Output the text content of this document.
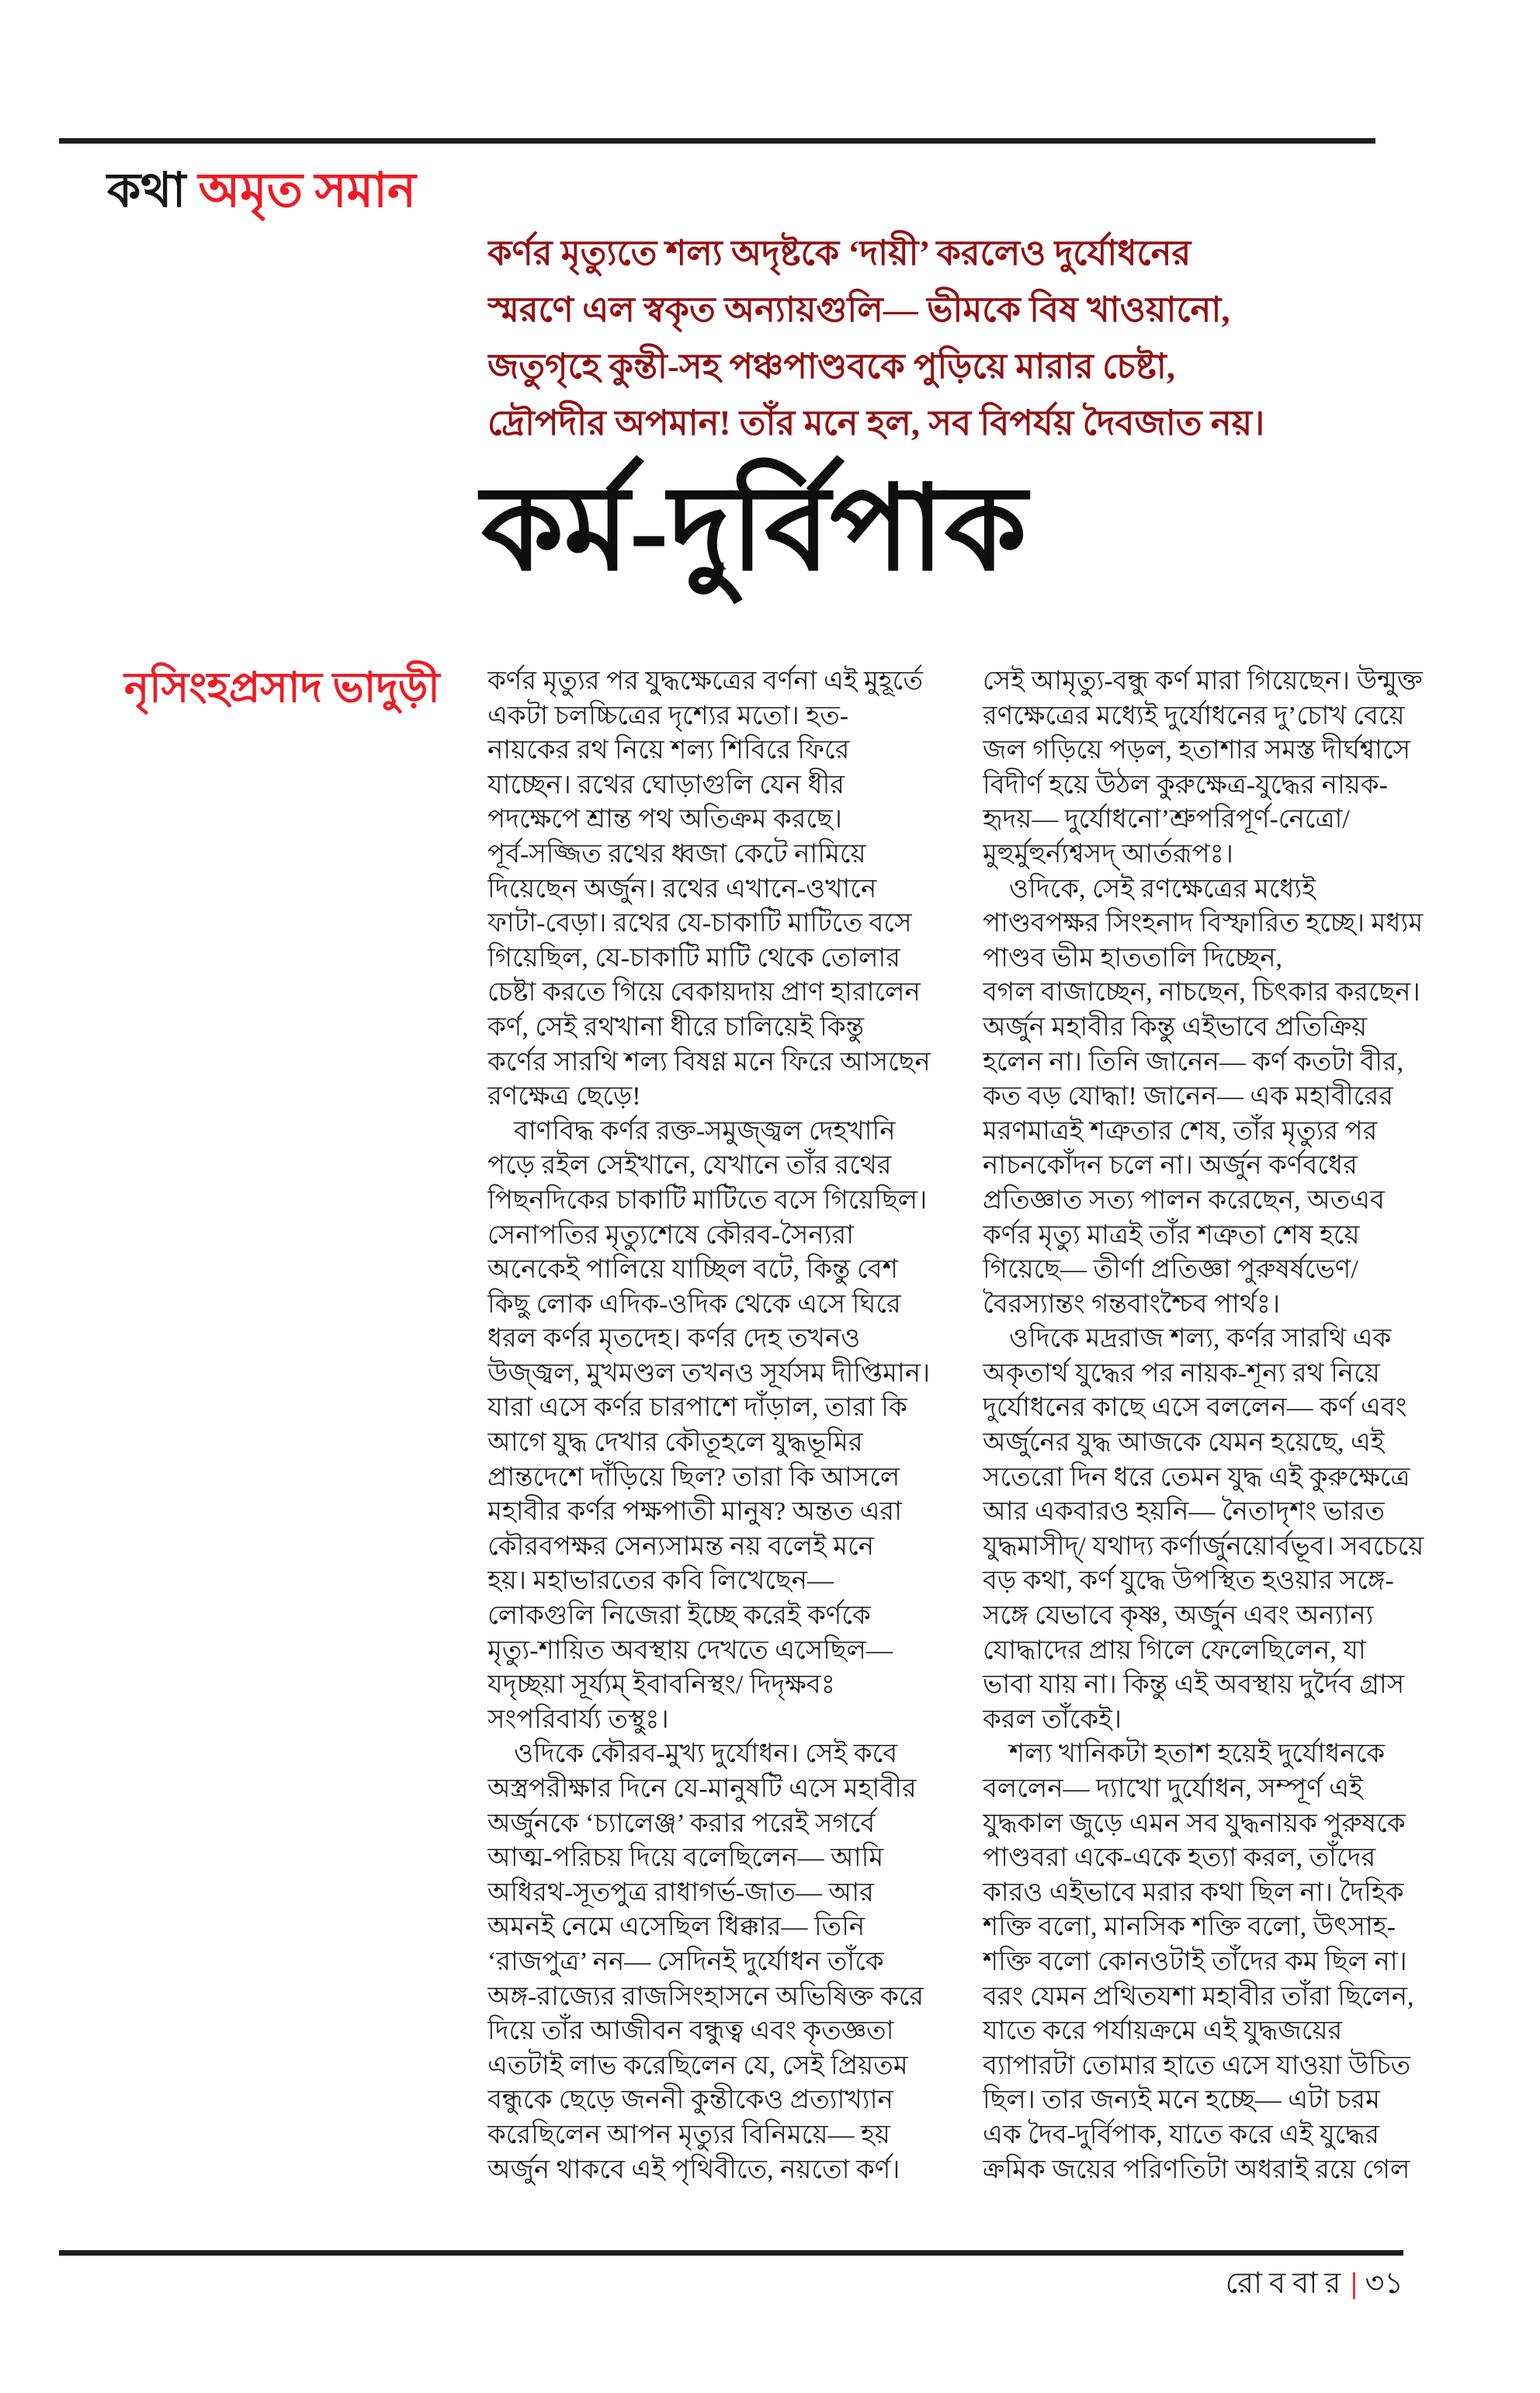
কথা অমৃত সমান
কর্ণর মৃত্যুতে শল্য অদৃষ্টকে ‘দায়ী’ করলেও দুর্যোধনের
স্মরণে এল স্বকৃত অন্যায়গুলি— ভীমকে বিষ খাওয়ানো,
জতুগৃহে কুন্তী-সহ পঞ্চপাণ্ডবকে পুড়িয়ে মারার চেষ্টা,
দ্রৌপদীর অপমান! তাঁর মনে হল, সব বিপর্যয় দৈবজাত নয়।
কর্ম-দুর্বিপাক
নৃসিংহপ্রসাদ ভাদুড়ী কর্ণর মৃত্যুর পর যুদ্ধক্ষেত্রের বর্ণনা এই মুহূর্তে
একটা চলচ্চিত্রের দৃশ্যের মতো। হত-
নায়কের রথ নিয়ে শল্য শিবিরে ফিরে
যাচ্ছেন। রথের ঘোড়াগুলি যেন ধীর
পদক্ষেপে শ্রান্ত পথ অতিক্রম করছে।
পূর্ব-সজ্জিত রথের ধ্বজা কেটে নামিয়ে
দিয়েছেন অর্জুন। রথের এখানে-ওখানে
ফাটা-বেড়া। রথের যে-চাকাটি মাটিতে বসে
গিয়েছিল, যে-চাকাটি মাটি থেকে তোলার
চেষ্টা করতে গিয়ে বেকায়দায় প্রাণ হারালেন
কর্ণ, সেই রথখানা ধীরে চালিয়েই কিন্তু
কর্ণের সারথি শল্য বিষণ্ণ মনে ফিরে আসছেন
রণক্ষেত্র ছেড়ে!
 বাণবিদ্ধ কর্ণর রক্ত-সমুজ্জ্বল দেহখানি
পড়ে রইল সেইখানে, যেখানে তাঁর রথের
পিছনদিকের চাকাটি মাটিতে বসে গিয়েছিল।
সেনাপতির মৃত্যুশেষে কৌরব-সৈন্যরা
অনেকেই পালিয়ে যাচ্ছিল বটে, কিন্তু বেশ
কিছু লোক এদিক-ওদিক থেকে এসে ঘিরে
ধরল কর্ণর মৃতদেহ। কর্ণর দেহ তখনও
উজ্জ্বল, মুখমণ্ডল তখনও সূর্যসম দীপ্তিমান।
যারা এসে কর্ণর চারপাশে দাঁড়াল, তারা কি
আগে যুদ্ধ দেখার কৌতূহলে যুদ্ধভূমির
প্রান্তদেশে দাঁড়িয়ে ছিল? তারা কি আসলে
মহাবীর কর্ণর পক্ষপাতী মানুষ? অন্তত এরা
কৌরবপক্ষর সেন্যসামন্ত নয় বলেই মনে
হয়। মহাভারতের কবি লিখেছেন—
লোকগুলি নিজেরা ইচ্ছে করেই কর্ণকে
মৃত্যু-শায়িত অবস্থায় দেখতে এসেছিল—
যদৃচ্ছয়া সূর্য্যম্ ইবাবনিস্থং/ দিদৃক্ষবঃ
সংপরিবার্য্য তস্থুঃ।
 ওদিকে কৌরব-মুখ্য দুর্যোধন। সেই কবে
অস্ত্রপরীক্ষার দিনে যে-মানুষটি এসে মহাবীর
অর্জুনকে ‘চ্যালেঞ্জ’ করার পরেই সগর্বে
আত্ম-পরিচয় দিয়ে বলেছিলেন— আমি
অধিরথ-সূতপুত্র রাধাগর্ভ-জাত— আর
অমনই নেমে এসেছিল ধিক্কার— তিনি
‘রাজপুত্র’ নন— সেদিনই দুর্যোধন তাঁকে
অঙ্গ-রাজ্যের রাজসিংহাসনে অভিষিক্ত করে
দিয়ে তাঁর আজীবন বন্ধুত্ব এবং কৃতজ্ঞতা
এতটাই লাভ করেছিলেন যে, সেই প্রিয়তম
বন্ধুকে ছেড়ে জননী কুন্তীকেও প্রত্যাখ্যান
করেছিলেন আপন মৃত্যুর বিনিময়ে— হয়
অর্জুন থাকবে এই পৃথিবীতে, নয়তো কর্ণ।
সেই আমৃত্যু-বন্ধু কর্ণ মারা গিয়েছেন। উন্মুক্ত
রণক্ষেত্রের মধ্যেই দুর্যোধনের দু’চোখ বেয়ে
জল গড়িয়ে পড়ল, হতাশার সমস্ত দীর্ঘশ্বাসে
বিদীর্ণ হয়ে উঠল কুরুক্ষেত্র-যুদ্ধের নায়ক-
হৃদয়— দুর্যোধনো’শ্রুপরিপূর্ণ-নেত্রো/
মুহুর্মুহুর্ন্যশ্বসদ্ আর্তরূপঃ।
 ওদিকে, সেই রণক্ষেত্রের মধ্যেই
পাণ্ডবপক্ষর সিংহনাদ বিস্ফারিত হচ্ছে। মধ্যম
পাণ্ডব ভীম হাততালি দিচ্ছেন,
বগল বাজাচ্ছেন, নাচছেন, চিৎকার করছেন।
অর্জুন মহাবীর কিন্তু এইভাবে প্রতিক্রিয়
হলেন না। তিনি জানেন— কর্ণ কতটা বীর,
কত বড় যোদ্ধা! জানেন— এক মহাবীরের
মরণমাত্রই শত্রুতার শেষ, তাঁর মৃত্যুর পর
নাচনকোঁদন চলে না। অর্জুন কর্ণবধের
প্রতিজ্ঞাত সত্য পালন করেছেন, অতএব
কর্ণর মৃত্যু মাত্রই তাঁর শত্রুতা শেষ হয়ে
গিয়েছে— তীর্ণা প্রতিজ্ঞা পুরুষর্ষভেণ/
বৈরস্যান্তং গন্তবাংশ্চৈব পার্থঃ।
 ওদিকে মদ্ররাজ শল্য, কর্ণর সারথি এক
অকৃতার্থ যুদ্ধের পর নায়ক-শূন্য রথ নিয়ে
দুর্যোধনের কাছে এসে বললেন— কর্ণ এবং
অর্জুনের যুদ্ধ আজকে যেমন হয়েছে, এই
সতেরো দিন ধরে তেমন যুদ্ধ এই কুরুক্ষেত্রে
আর একবারও হয়নি— নৈতাদৃশং ভারত
যুদ্ধমাসীদ্/ যথাদ্য কর্ণার্জুনয়োর্বভূব। সবচেয়ে
বড় কথা, কর্ণ যুদ্ধে উপস্থিত হওয়ার সঙ্গে-
সঙ্গে যেভাবে কৃষ্ণ, অর্জুন এবং অন্যান্য
যোদ্ধাদের প্রায় গিলে ফেলেছিলেন, যা
ভাবা যায় না। কিন্তু এই অবস্থায় দুর্দৈব গ্রাস
করল তাঁকেই।
 শল্য খানিকটা হতাশ হয়েই দুর্যোধনকে
বললেন— দ্যাখো দুর্যোধন, সম্পূর্ণ এই
যুদ্ধকাল জুড়ে এমন সব যুদ্ধনায়ক পুরুষকে
পাণ্ডবরা একে-একে হত্যা করল, তাঁদের
কারও এইভাবে মরার কথা ছিল না। দৈহিক
শক্তি বলো, মানসিক শক্তি বলো, উৎসাহ-
শক্তি বলো কোনওটাই তাঁদের কম ছিল না।
বরং যেমন প্রথিতযশা মহাবীর তাঁরা ছিলেন,
যাতে করে পর্যায়ক্রমে এই যুদ্ধজয়ের
ব্যাপারটা তোমার হাতে এসে যাওয়া উচিত
ছিল। তার জন্যই মনে হচ্ছে— এটা চরম
এক দৈব-দুর্বিপাক, যাতে করে এই যুদ্ধের
ক্রমিক জয়ের পরিণতিটা অধরাই রয়ে গেল
রোববার | ৩১
